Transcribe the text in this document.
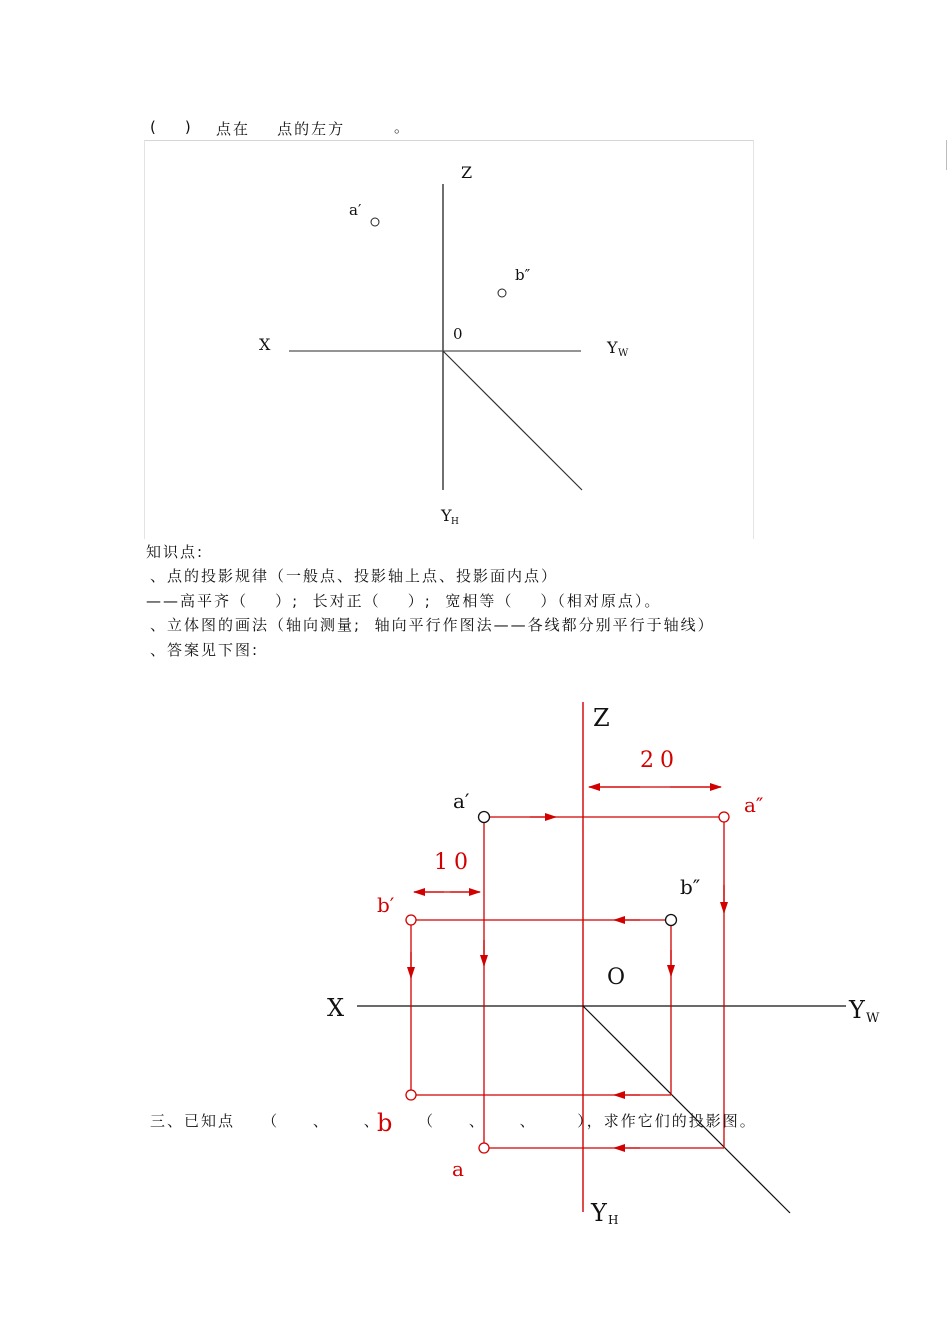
(    ) 点在    点的左方	。
Z
X
0
Y W
Y H
a′
b″
知识点:
、点的投影规律（一般点、投影轴上点、投影面内点）
——高平齐（    ）;  长对正（    ）;  宽相等（    ）（相对原点）。
、立体图的画法（轴向测量;  轴向平行作图法——各线都分别平行于轴线）
、答案见下图:
Z
X	Y W
Y H
O
a′
b″
a″
b′
a
b
20
10
三、已知点    （     、     、 （     、     、      ），求作它们的投影图。
